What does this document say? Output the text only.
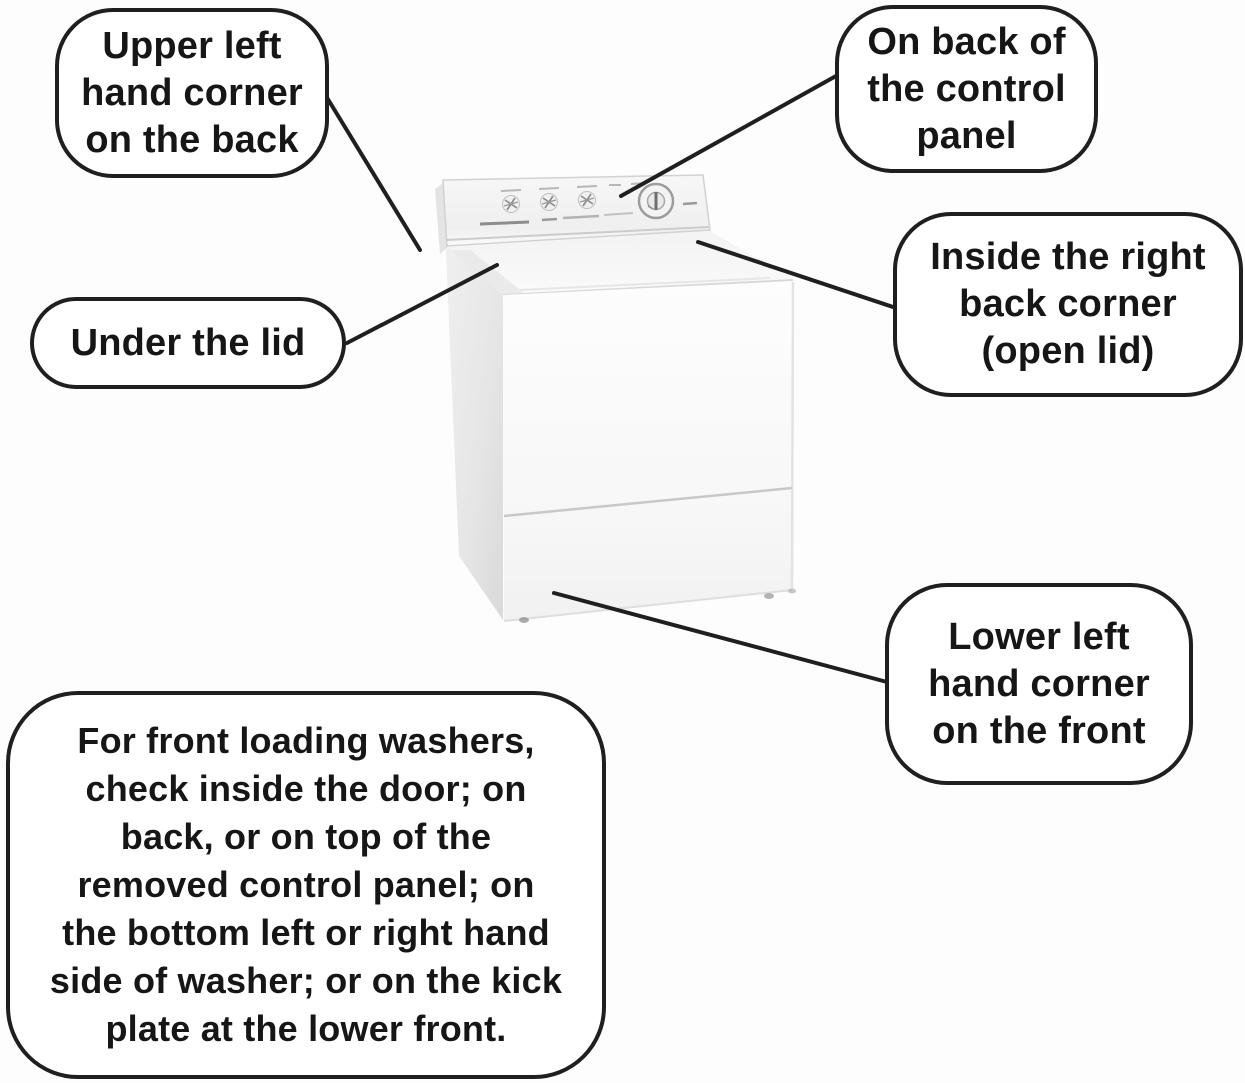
Upper left
hand corner
on the back
On back of
the control
panel
Under the lid
Inside the right
back corner
(open lid)
Lower left
hand corner
on the front
For front loading washers,
check inside the door; on
back, or on top of the
removed control panel; on
the bottom left or right hand
side of washer; or on the kick
plate at the lower front.
